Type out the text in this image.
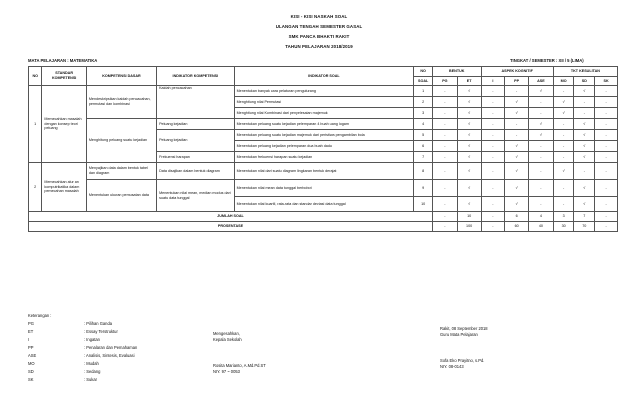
KISI - KISI NASKAH SOAL
ULANGAN TENGAH SEMESTER GASAL
SMK PANCA BHAKTI RAKIT
TAHUN PELAJARAN 2018/2019
MATA PELAJARAN : MATEMATIKA	TINGKAT / SEMESTER : XII / 5 (LIMA)
NO	STANDAR KOMPETENSI	KOMPETENSI DASAR	INDIKATOR KOMPETENSI	INDIKATOR SOAL	NO	BENTUK		ASPEK KOGNITIF			TKT KESULITAN		
					SOAL	PG	ET	I	PP	ASE	MO	SD	SK
1	Memecahkan masalah dengan konsep teori peluang	Mendeskripsikan kaidah pencacahan, permutasi dan kombinasi	Kaidah pencacahan	Menentukan banyak cara pelaturan pengulurang	1	-	√	-	-	√	-	√	-
				Menghitung nilai Permutasi	2	-	√	-	√	-	√	-	-
				Menghitung nilai Kombinasi dari penyelesaian majemuk	3	-	√	-	√	-	√	-	-
		Menghitung peluang suatu kejadian	Peluang kejadian	Menentukan peluang suatu kejadian pelemparan 4 buah uang logam	4	-	√	-	-	√	-	√	-
			Peluang kejadian	Menentukan peluang suatu kejadian majemuk dari peristiwa pengambilan bola	5	-	√	-	-	√	-	√	-
				Menentukan peluang kejadian pelemparan dua buah dadu	6	-	√	-	√	-	-	√	-
			Frekuensi harapan	Menentukan frekuensi harapan suatu kejadian	7	-	√	-	√	-	-	√	-
2	Memecahkan alur an komputrikatika dalam pemecahan masalah	Menyajikan data dalam bentuk tabel dan diagram	Data disajikan dalam bentuk diagram	Menentukan nilai dari suatu diagram lingkaran bentuk derajat	8	-	√	-	√	-	√	-	-
		Menentukan ukuran pemusatan data	Menentukan nilai mean, median modus dari suatu data tunggal	Menentukan nilai mean data tunggal berbobot	9	-	√	-	√	-	-	√	-
				Menentukan nilai kuartil, rata-rata dan standar deviasi data tunggal	10	-	√	-	√	-	-	√	-
JUMLAH SOAL						-	10	-	6	4	3	7	-
PROSENTASE						-	100	-	60	40	30	70	-
Keterangan :
PG	: Pilihan Ganda
ET	: Essay Terstruktur
I	: Ingatan
PP	: Penalaran dan Pemahaman
ASE	: Analisis, Sintesis, Evaluasi
MO	: Mudah
SD	: Sedang
SK	: Sukar
Mengesahkan,
Kepala Sekolah
Rosita Marianto, A.Md.Pd.ST
NIY. 97 ~ 0053
Rakit, 08 September 2018
Guru Mata Pelajaran
Sofa Eko Prayitno, s.Pd.
NIY. 08-0143
